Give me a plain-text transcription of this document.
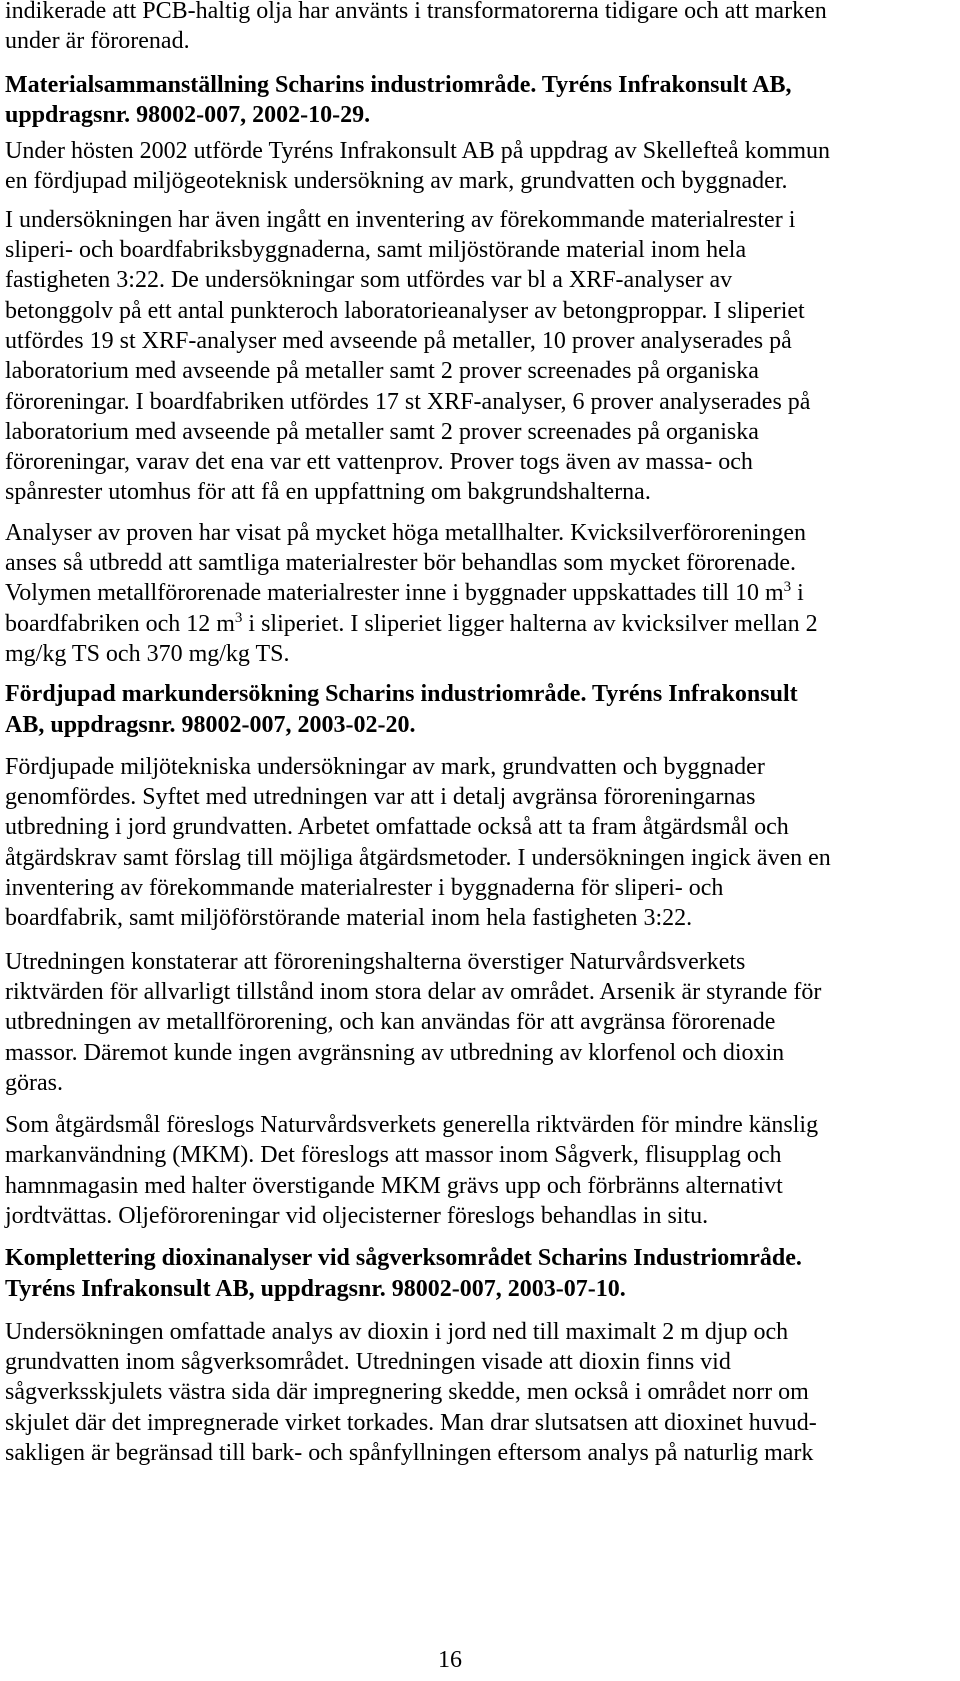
indikerade att PCB-haltig olja har använts i transformatorerna tidigare och att marken
under är förorenad.
Materialsammanställning Scharins industriområde. Tyréns Infrakonsult AB,
uppdragsnr. 98002-007, 2002-10-29.
Under hösten 2002 utförde Tyréns Infrakonsult AB på uppdrag av Skellefteå kommun
en fördjupad miljögeoteknisk undersökning av mark, grundvatten och byggnader.
I undersökningen har även ingått en inventering av förekommande materialrester i
sliperi- och boardfabriksbyggnaderna, samt miljöstörande material inom hela
fastigheten 3:22. De undersökningar som utfördes var bl a XRF-analyser av
betonggolv på ett antal punkteroch laboratorieanalyser av betongproppar. I sliperiet
utfördes 19 st XRF-analyser med avseende på metaller, 10 prover analyserades på
laboratorium med avseende på metaller samt 2 prover screenades på organiska
föroreningar. I boardfabriken utfördes 17 st XRF-analyser, 6 prover analyserades på
laboratorium med avseende på metaller samt 2 prover screenades på organiska
föroreningar, varav det ena var ett vattenprov. Prover togs även av massa- och
spånrester utomhus för att få en uppfattning om bakgrundshalterna.
Analyser av proven har visat på mycket höga metallhalter. Kvicksilverföroreningen
anses så utbredd att samtliga materialrester bör behandlas som mycket förorenade.
Volymen metallförorenade materialrester inne i byggnader uppskattades till 10 $m^3$ i
boardfabriken och 12 $m^3$ i sliperiet. I sliperiet ligger halterna av kvicksilver mellan 2
mg/kg TS och 370 mg/kg TS.
Fördjupad markundersökning Scharins industriområde. Tyréns Infrakonsult
AB, uppdragsnr. 98002-007, 2003-02-20.
Fördjupade miljötekniska undersökningar av mark, grundvatten och byggnader
genomfördes. Syftet med utredningen var att i detalj avgränsa föroreningarnas
utbredning i jord grundvatten. Arbetet omfattade också att ta fram åtgärdsmål och
åtgärdskrav samt förslag till möjliga åtgärdsmetoder. I undersökningen ingick även en
inventering av förekommande materialrester i byggnaderna för sliperi- och
boardfabrik, samt miljöförstörande material inom hela fastigheten 3:22.
Utredningen konstaterar att föroreningshalterna överstiger Naturvårdsverkets
riktvärden för allvarligt tillstånd inom stora delar av området. Arsenik är styrande för
utbredningen av metallförorening, och kan användas för att avgränsa förorenade
massor. Däremot kunde ingen avgränsning av utbredning av klorfenol och dioxin
göras.
Som åtgärdsmål föreslogs Naturvårdsverkets generella riktvärden för mindre känslig
markanvändning (MKM). Det föreslogs att massor inom Sågverk, flisupplag och
hamnmagasin med halter överstigande MKM grävs upp och förbränns alternativt
jordtvättas. Oljeföroreningar vid oljecisterner föreslogs behandlas in situ.
Komplettering dioxinanalyser vid sågverksområdet Scharins Industriområde.
Tyréns Infrakonsult AB, uppdragsnr. 98002-007, 2003-07-10.
Undersökningen omfattade analys av dioxin i jord ned till maximalt 2 m djup och
grundvatten inom sågverksområdet. Utredningen visade att dioxin finns vid
sågverksskjulets västra sida där impregnering skedde, men också i området norr om
skjulet där det impregnerade virket torkades. Man drar slutsatsen att dioxinet huvud-
sakligen är begränsad till bark- och spånfyllningen eftersom analys på naturlig mark
16
